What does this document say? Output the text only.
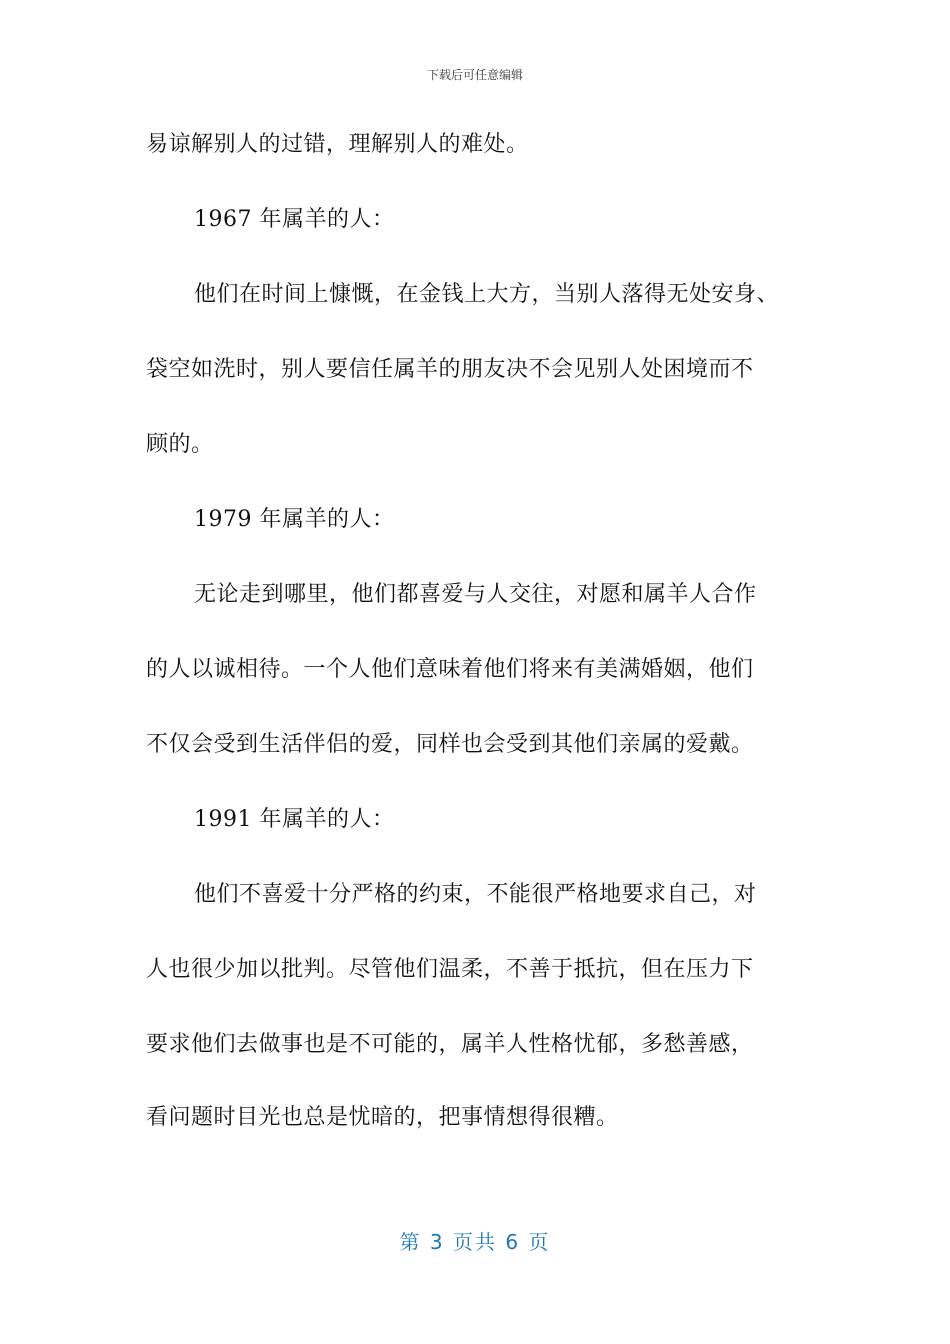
下载后可任意编辑
易谅解别人的过错，理解别人的难处。
1967 年属羊的人：
他们在时间上慷慨，在金钱上大方，当别人落得无处安身、
袋空如洗时，别人要信任属羊的朋友决不会见别人处困境而不
顾的。
1979 年属羊的人：
无论走到哪里，他们都喜爱与人交往，对愿和属羊人合作
的人以诚相待。一个人他们意味着他们将来有美满婚姻，他们
不仅会受到生活伴侣的爱，同样也会受到其他们亲属的爱戴。
1991 年属羊的人：
他们不喜爱十分严格的约束，不能很严格地要求自己，对
人也很少加以批判。尽管他们温柔，不善于抵抗，但在压力下
要求他们去做事也是不可能的，属羊人性格忧郁，多愁善感，
看问题时目光也总是忧暗的，把事情想得很糟。
第 3 页共 6 页
